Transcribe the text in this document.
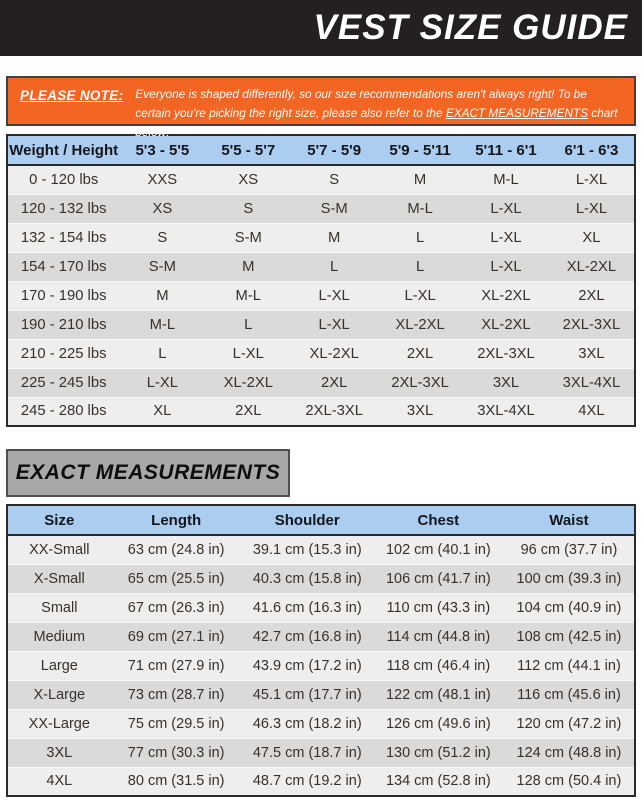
VEST SIZE GUIDE
PLEASE NOTE: Everyone is shaped differently, so our size recommendations aren't always right! To be certain you're picking the right size, please also refer to the EXACT MEASUREMENTS chart below!
Weight / Height	5'3 - 5'5	5'5 - 5'7	5'7 - 5'9	5'9 - 5'11	5'11 - 6'1	6'1 - 6'3
0 - 120 lbs	XXS	XS	S	M	M-L	L-XL
120 - 132 lbs	XS	S	S-M	M-L	L-XL	L-XL
132 - 154 lbs	S	S-M	M	L	L-XL	XL
154 - 170 lbs	S-M	M	L	L	L-XL	XL-2XL
170 - 190 lbs	M	M-L	L-XL	L-XL	XL-2XL	2XL
190 - 210 lbs	M-L	L	L-XL	XL-2XL	XL-2XL	2XL-3XL
210 - 225 lbs	L	L-XL	XL-2XL	2XL	2XL-3XL	3XL
225 - 245 lbs	L-XL	XL-2XL	2XL	2XL-3XL	3XL	3XL-4XL
245 - 280 lbs	XL	2XL	2XL-3XL	3XL	3XL-4XL	4XL
EXACT MEASUREMENTS
Size	Length	Shoulder	Chest	Waist
XX-Small	63 cm (24.8 in)	39.1 cm (15.3 in)	102 cm (40.1 in)	96 cm (37.7 in)
X-Small	65 cm (25.5 in)	40.3 cm (15.8 in)	106 cm (41.7 in)	100 cm (39.3 in)
Small	67 cm (26.3 in)	41.6 cm (16.3 in)	110 cm (43.3 in)	104 cm (40.9 in)
Medium	69 cm (27.1 in)	42.7 cm (16.8 in)	114 cm (44.8 in)	108 cm (42.5 in)
Large	71 cm (27.9 in)	43.9 cm (17.2 in)	118 cm (46.4 in)	112 cm (44.1 in)
X-Large	73 cm (28.7 in)	45.1 cm (17.7 in)	122 cm (48.1 in)	116 cm (45.6 in)
XX-Large	75 cm (29.5 in)	46.3 cm (18.2 in)	126 cm (49.6 in)	120 cm (47.2 in)
3XL	77 cm (30.3 in)	47.5 cm (18.7 in)	130 cm (51.2 in)	124 cm (48.8 in)
4XL	80 cm (31.5 in)	48.7 cm (19.2 in)	134 cm (52.8 in)	128 cm (50.4 in)
